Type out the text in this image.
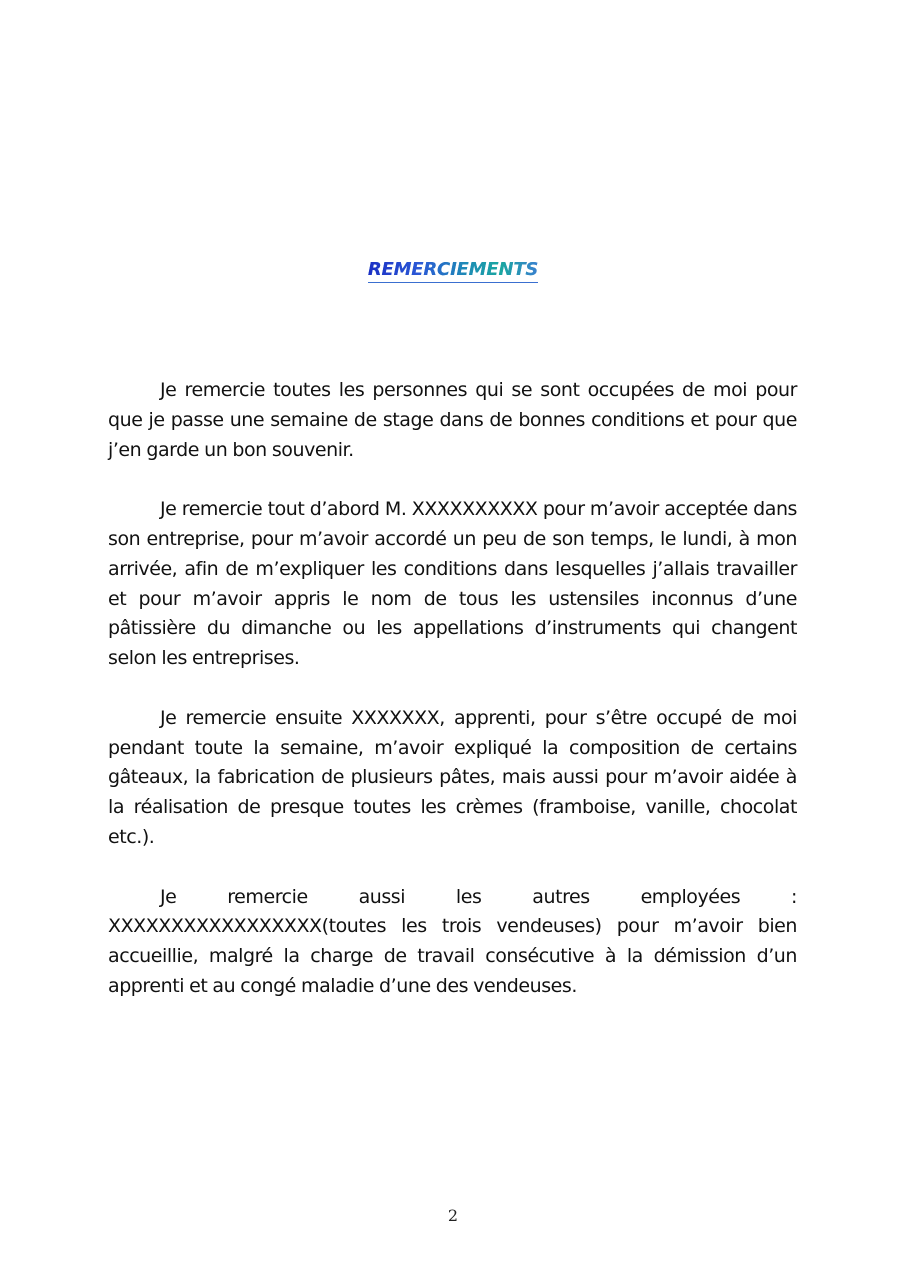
REMERCIEMENTS

Je remercie toutes les personnes qui se sont occupées de moi pour que je passe une semaine de stage dans de bonnes conditions et pour que j’en garde un bon souvenir.

Je remercie tout d’abord M. XXXXXXXXXX pour m’avoir acceptée dans son entreprise, pour m’avoir accordé un peu de son temps, le lundi, à mon arrivée, afin de m’expliquer les conditions dans lesquelles j’allais travailler et pour m’avoir appris le nom de tous les ustensiles inconnus d’une pâtissière du dimanche ou les appellations d’instruments qui changent selon les entreprises.

Je remercie ensuite XXXXXXX, apprenti, pour s’être occupé de moi pendant toute la semaine, m’avoir expliqué la composition de certains gâteaux, la fabrication de plusieurs pâtes, mais aussi pour m’avoir aidée à la réalisation de presque toutes les crèmes (framboise, vanille, chocolat etc.).

Je remercie aussi les autres employées : XXXXXXXXXXXXXXXXX(toutes les trois vendeuses) pour m’avoir bien accueillie, malgré la charge de travail consécutive à la démission d’un apprenti et au congé maladie d’une des vendeuses.

2
